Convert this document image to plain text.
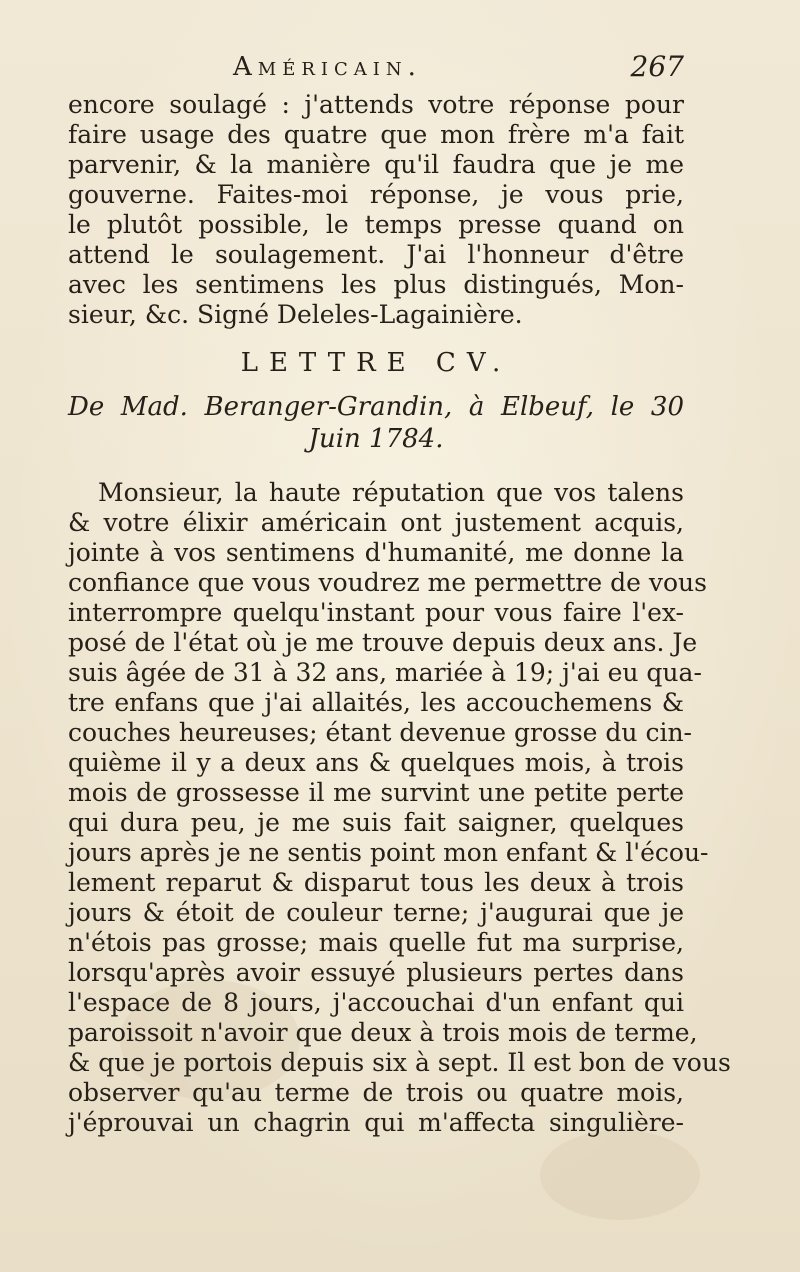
Américain.	267
encore soulagé : j'attends votre réponse pour
faire usage des quatre que mon frère m'a fait
parvenir, & la manière qu'il faudra que je me
gouverne. Faites-moi réponse, je vous prie,
le plutôt possible, le temps presse quand on
attend le soulagement. J'ai l'honneur d'être
avec les sentimens les plus distingués, Mon-
sieur, &c. Signé Deleles-Lagainière.
LETTRE CV.
De Mad. Beranger-Grandin, à Elbeuf, le 30
Juin 1784.
Monsieur, la haute réputation que vos talens
& votre élixir américain ont justement acquis,
jointe à vos sentimens d'humanité, me donne la
confiance que vous voudrez me permettre de vous
interrompre quelqu'instant pour vous faire l'ex-
posé de l'état où je me trouve depuis deux ans. Je
suis âgée de 31 à 32 ans, mariée à 19; j'ai eu qua-
tre enfans que j'ai allaités, les accouchemens &
couches heureuses; étant devenue grosse du cin-
quième il y a deux ans & quelques mois, à trois
mois de grossesse il me survint une petite perte
qui dura peu, je me suis fait saigner, quelques
jours après je ne sentis point mon enfant & l'écou-
lement reparut & disparut tous les deux à trois
jours & étoit de couleur terne; j'augurai que je
n'étois pas grosse; mais quelle fut ma surprise,
lorsqu'après avoir essuyé plusieurs pertes dans
l'espace de 8 jours, j'accouchai d'un enfant qui
paroissoit n'avoir que deux à trois mois de terme,
& que je portois depuis six à sept. Il est bon de vous
observer qu'au terme de trois ou quatre mois,
j'éprouvai un chagrin qui m'affecta singulière-
